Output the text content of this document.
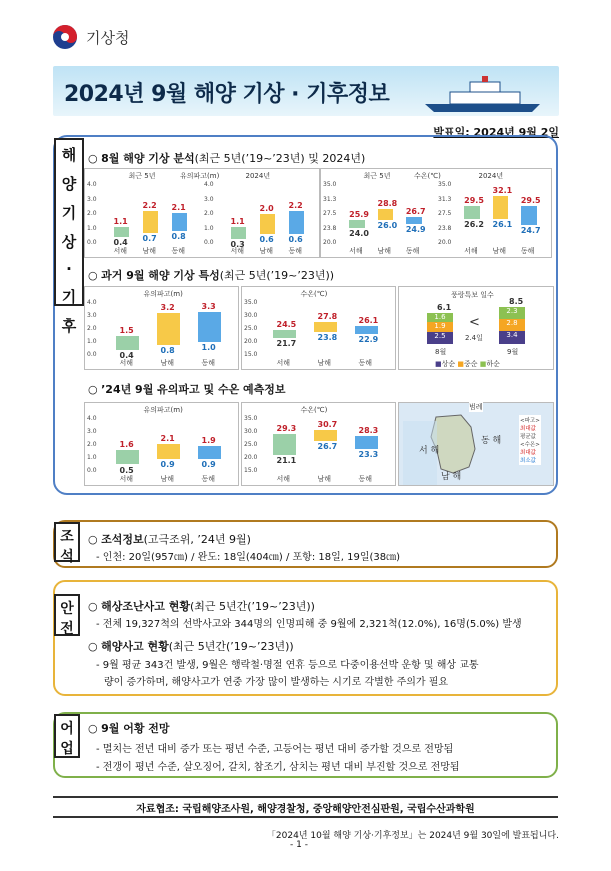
기상청
2024년 9월 해양 기상 · 기후정보
발표일: 2024년 9월 2일
해
양
기
상
·
기
후
○ 8월 해양 기상 분석(최근 5년(’19~’23년) 및 2024년)
○ 과거 9월 해양 기상 특성(최근 5년(’19~’23년))
○ ’24년 9월 유의파고 및 수온 예측정보
0.0
1.0
2.0
3.0
4.0
1.1
0.4
서해
2.2
0.7
남해
2.1
0.8
동해
최근 5년
0.0
1.0
2.0
3.0
4.0
1.1
0.3
서해
2.0
0.6
남해
2.2
0.6
동해
2024년
유의파고(m)
20.0
23.8
27.5
31.3
35.0
25.9
24.0
서해
28.8
26.0
남해
26.7
24.9
동해
최근 5년
20.0
23.8
27.5
31.3
35.0
29.5
26.2
서해
32.1
26.1
남해
29.5
24.7
동해
2024년
수온(℃)
0.0
1.0
2.0
3.0
4.0
1.5
0.4
서해
3.2
0.8
남해
3.3
1.0
동해
유의파고(m)
15.0
20.0
25.0
30.0
35.0
24.5
21.7
서해
27.8
23.8
남해
26.1
22.9
동해
수온(℃)
0.0
1.0
2.0
3.0
4.0
1.6
0.5
서해
2.1
0.9
남해
1.9
0.9
동해
유의파고(m)
15.0
20.0
25.0
30.0
35.0
29.3
21.1
서해
30.7
26.7
남해
28.3
23.3
동해
수온(℃)
풍랑특보 일수
6.1
8.5
1.6
1.9
2.5
2.3
2.8
3.4
<
2.4일
8월	9월
■상순 ■중순 ■하순
범례
서 해
남 해
동 해
<파고>
최대값
평균값
<수온>
최대값
최소값
조
석
○ 조석정보(고극조위, ’24년 9월)
- 인천: 20일(957㎝) / 완도: 18일(404㎝) / 포항: 18일, 19일(38㎝)
안
전
○ 해상조난사고 현황(최근 5년간(’19~’23년))
- 전체 19,327척의 선박사고와 344명의 인명피해 중 9월에 2,321척(12.0%), 16명(5.0%) 발생
○ 해양사고 현황(최근 5년간(’19~’23년))
- 9월 평균 343건 발생, 9월은 행락철·명절 연휴 등으로 다중이용선박 운항 및 해상 교통
량이 증가하며, 해양사고가 연중 가장 많이 발생하는 시기로 각별한 주의가 필요
어
업
○ 9월 어황 전망
- 멸치는 전년 대비 증가 또는 평년 수준, 고등어는 평년 대비 증가할 것으로 전망됨
- 전갱이 평년 수준, 살오징어, 갈치, 참조기, 삼치는 평년 대비 부진할 것으로 전망됨
자료협조: 국립해양조사원, 해양경찰청, 중앙해양안전심판원, 국립수산과학원
「2024년 10월 해양 기상·기후정보」는 2024년 9월 30일에 발표됩니다.
- 1 -
